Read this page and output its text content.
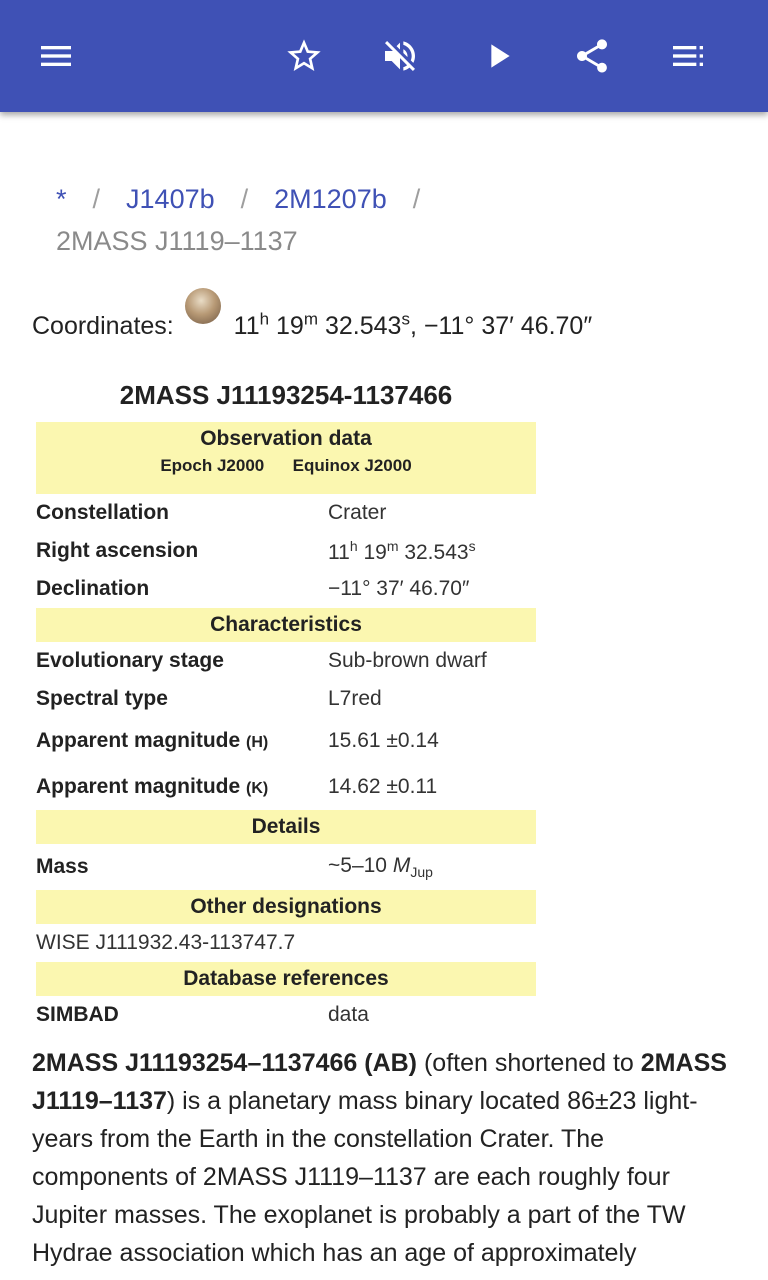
* / J1407b / 2M1207b /
2MASS J1119–1137
Coordinates: 11$^h$ 19$^m$ $32.543^s$, −11° 37′ 46.70″
2MASS J11193254-1137466
Observation data	
Epoch J2000 Equinox J2000	
Constellation	Crater
Right ascension	11$^h$ 19$^m$ 32.543$^s$
Declination	−11° 37′ 46.70″
Characteristics	
Evolutionary stage	Sub-brown dwarf
Spectral type	L7red
Apparent magnitude (H)	15.61 ±0.14
Apparent magnitude (K)	14.62 ±0.11
Details	
Mass	~5–10 $M_{Jup}$
Other designations	
WISE J111932.43-113747.7	
Database references	
SIMBAD	data
2MASS J11193254–1137466 (AB) (often shortened to 2MASS J1119–1137) is a planetary mass binary located 86±23 light-years from the Earth in the constellation Crater. The components of 2MASS J1119–1137 are each roughly four Jupiter masses. The exoplanet is probably a part of the TW Hydrae association which has an age of approximately
